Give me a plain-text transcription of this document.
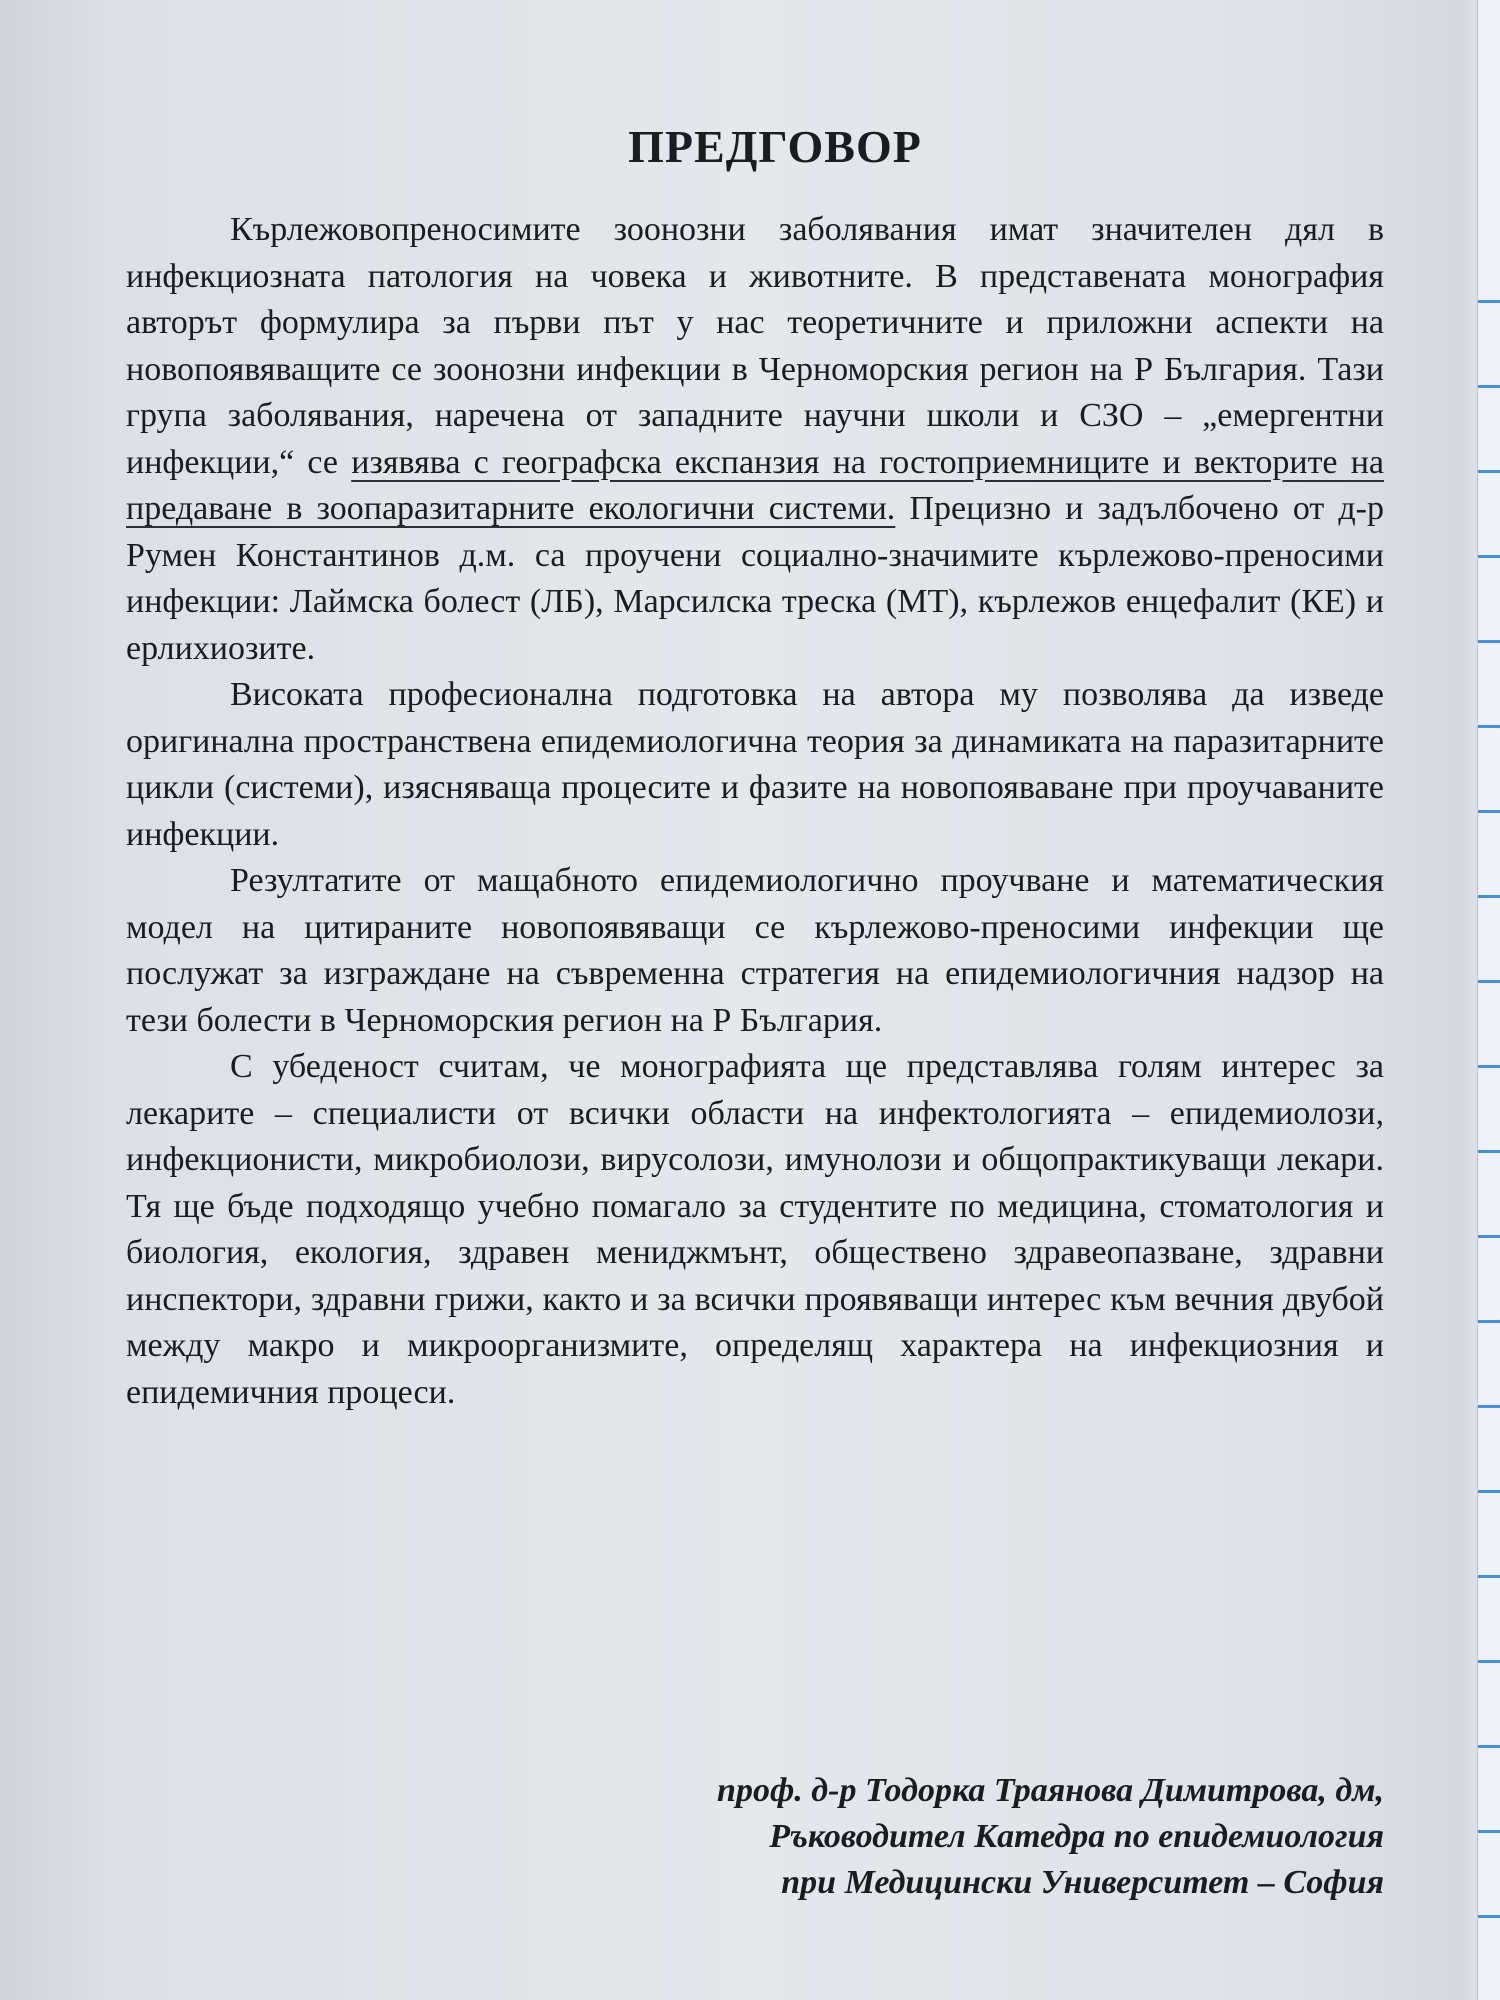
ПРЕДГОВОР

Кърлежовопреносимите зоонозни заболявания имат значителен дял в инфекциозната патология на човека и животните. В представената монография авторът формулира за първи път у нас теоретичните и приложни аспекти на новопоявяващите се зоонозни инфекции в Черноморския регион на Р България. Тази група заболявания, наречена от западните научни школи и СЗО – „емергентни инфекции,“ се изявява с географска експанзия на гостоприемниците и векторите на предаване в зоопаразитарните екологични системи. Прецизно и задълбочено от д-р Румен Константинов д.м. са проучени социално-значимите кърлежово-преносими инфекции: Лаймска болест (ЛБ), Марсилска треска (МТ), кърлежов енцефалит (КЕ) и ерлихиозите.

Високата професионална подготовка на автора му позволява да изведе оригинална пространствена епидемиологична теория за динамиката на паразитарните цикли (системи), изясняваща процесите и фазите на новопояваване при проучаваните инфекции.

Резултатите от мащабното епидемиологично проучване и математическия модел на цитираните новопоявяващи се кърлежово-преносими инфекции ще послужат за изграждане на съвременна стратегия на епидемиологичния надзор на тези болести в Черноморския регион на Р България.

С убеденост считам, че монографията ще представлява голям интерес за лекарите – специалисти от всички области на инфектологията – епидемиолози, инфекционисти, микробиолози, вирусолози, имунолози и общопрактикуващи лекари. Тя ще бъде подходящо учебно помагало за студентите по медицина, стоматология и биология, екология, здравен мениджмънт, обществено здравеопазване, здравни инспектори, здравни грижи, както и за всички проявяващи интерес към вечния двубой между макро и микроорганизмите, определящ характера на инфекциозния и епидемичния процеси.

проф. д-р Тодорка Траянова Димитрова, дм,
Ръководител Катедра по епидемиология
при Медицински Университет – София
